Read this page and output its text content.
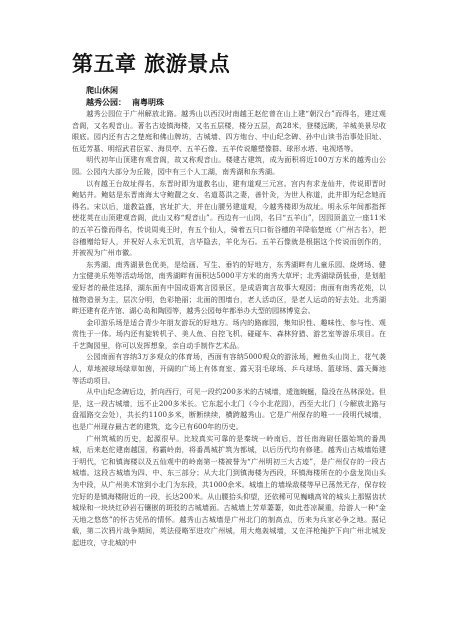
第五章 旅游景点
爬山休闲
越秀公园： 南粤明珠

越秀公园位于广州解放北路。越秀山以西汉时南越王赵佗曾在山上建“朝汉台”而得名，建过观音阁，又名观音山。著名古迹镇海楼，又名五层楼，楼分五层，高28米，登楼远眺，羊城美景尽收眼底。园内还有古之楚庭和佛山牌坊，古城墙、四方炮台、中山纪念碑、孙中山读书治事处旧址、伍廷芳墓、明绍武君臣冢、海员亭、五羊石像、五羊传说雕塑像群、球形水塔、电视塔等。

明代初年山顶建有观音阁，故又称观音山。楼建古建筑，成为面积将近100万方米的越秀山公园。公园内大部分为丘陵，园中有三个人工湖，南秀湖和东秀湖。

以有越王台故址得名，东晋时即为道教名山，建有道观三元宫。宫内有求龙仙井，传说即晋时鲍姑井。鲍姑是东晋南海太守鲍靓之女、名道葛洪之妻，善针灸，为世人称道，此井即为纪念她而得名。宋以后，道教益盛，宫址扩大，并在山腰另建道观，今越秀楼即为故址。明永乐年间都指挥使花英在山顶建观音阁，此山又称“观音山”。西边有一山岗，名曰“五羊山”，因园顶盖立一座11米的五羊石像而得名，传说周夷王时，有五个仙人，骑着五只口衔谷穗的羊降临楚庭（广州古名），把谷穗赠给好人，并祝好人永无饥荒，言毕隐去，羊化为石。五羊石像就是根据这个传说而创作的，并被视为广州市徽。

东秀湖、南秀湖景色优美，是绘画、写生、垂钓的好地方，东秀湖畔有儿童乐园、烧烤场、健力宝健美乐苑等活动场馆，南秀湖畔有面积达5000平方米的南秀大草坪；北秀湖绿荫低垂，是划船爱好者的最佳选择，湖东面有中国成语寓言园景区，是成语寓言故事大观园；南面有南秀花苑，以植物造景为主，层次分明，色彩艳丽；北面的围墙台，老人活动区，是老人运动的好去处。北秀湖畔还建有花卉馆、湖心岛和陶园等，越秀公园每年都举办大型的园林博览会。

金印游乐场是适合青少年朋友游玩的好地方。场内的路廊园，集知识性、趣味性、参与性、观赏性于一体。场内还有旋转机子、美人鱼、自控飞机、碰碰车、森林狩猎、游艺室等游乐项目。在千艺陶园里，你可以发挥想象，亲自动手制作艺术品。

公园南面有容纳3万多观众的体育场，西面有容纳5000观众的游泳场，鲤鱼头山岗上，花气袭人，草地被球场绿草如茵，开阔的广场上有体育室、露天羽毛球场、乒乓球场、篮球场、露天舞池等活动项目。

从中山纪念碑后边，折向西行，可见一段约200多米的古城墙，逶迤蜿蜒，隐没在丛林深处。但是，这一段古城墙，远不止200多米长。它东起小北门（今小北花园），西至大北门（今解放北路与盘福路交会处），共长约1100多米，断断续续，横跨越秀山。它是广州保存的唯一一段明代城墙，也是广州现存最古老的建筑，迄今已有600年的历史。

广州筑城的历史，起源很早。比较真实可靠的是秦统一岭南后，首任南海尉任嚣始筑的番禺城，后来赵佗建南越国，称霸岭南，将番禺城扩筑为都城，以后历代均有修建。越秀山古城墙始建于明代，它和镇海楼以及五仙观中的岭南第一楼被誉为“广州明初三大古迹”，是广州仅存的一段古城墙。这段古城墙为四、中、东三部分；从大北门到镇海楼为西段，环镇海楼所在的小盘龙岗山头为中段，从广州美术馆到小北门为东段，共1000余米。城墙上的墙垛敌楼等早已荡然无存，保存较完好的是镇海楼附近的一段，长达200米。从山腰拾头仰望，还依稀可见巍峨高耸的城头上那锯齿状城垛和一块块红砂岩石镶嵌的斑驳的古城墙面。古城墙上芳草萋萋，如此苍凉凝重，给游人一种“金天地之悠悠”的怀古凭吊的情怀。越秀山古城墙是广州北门的制高点，历来为兵家必争之地。据记载，第二次鸦片战争期间，英法侵略军进攻广州城，用大炮轰城墙，又在洋枪掩护下向广州北城发起进攻，守北城的中
